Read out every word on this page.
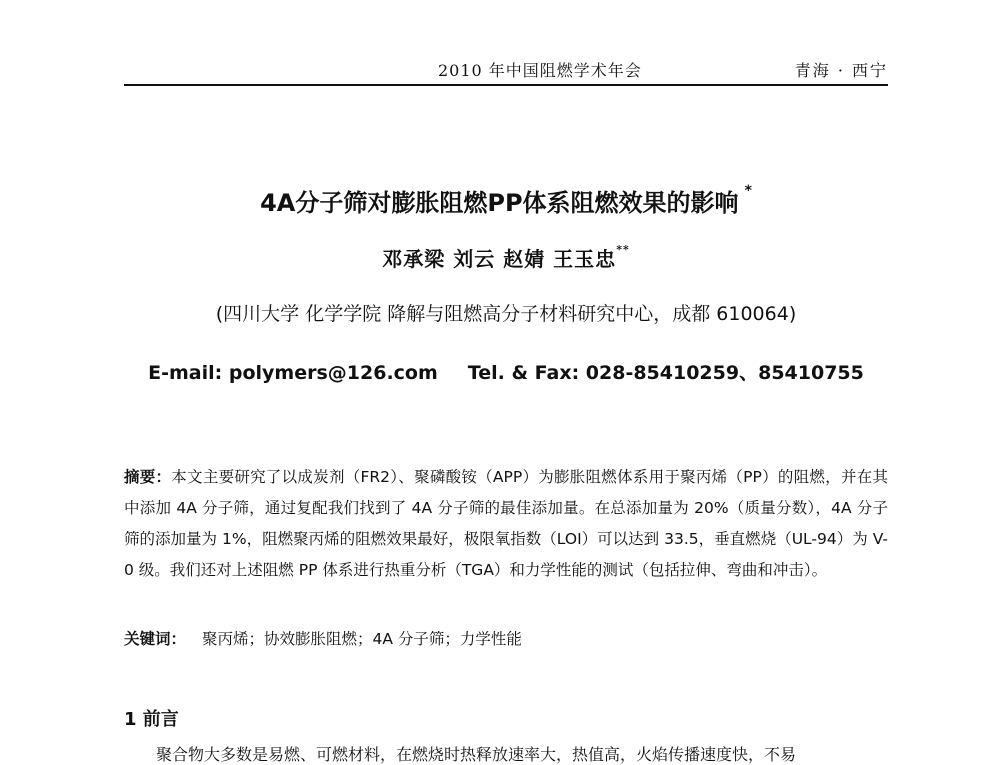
2010 年中国阻燃学术年会	青海 · 西宁
4A分子筛对膨胀阻燃PP体系阻燃效果的影响 *
邓承梁 刘云 赵婧 王玉忠**
(四川大学 化学学院 降解与阻燃高分子材料研究中心，成都 610064)
E-mail: polymers@126.com Tel. & Fax: 028-85410259、85410755
摘要：本文主要研究了以成炭剂（FR2）、聚磷酸铵（APP）为膨胀阻燃体系用于聚丙烯（PP）的阻燃，并在其中添加 4A 分子筛，通过复配我们找到了 4A 分子筛的最佳添加量。在总添加量为 20%（质量分数），4A 分子筛的添加量为 1%，阻燃聚丙烯的阻燃效果最好，极限氧指数（LOI）可以达到 33.5，垂直燃烧（UL-94）为 V-0 级。我们还对上述阻燃 PP 体系进行热重分析（TGA）和力学性能的测试（包括拉伸、弯曲和冲击）。
关键词： 聚丙烯；协效膨胀阻燃；4A 分子筛；力学性能
1 前言
聚合物大多数是易燃、可燃材料，在燃烧时热释放速率大，热值高，火焰传播速度快，不易
